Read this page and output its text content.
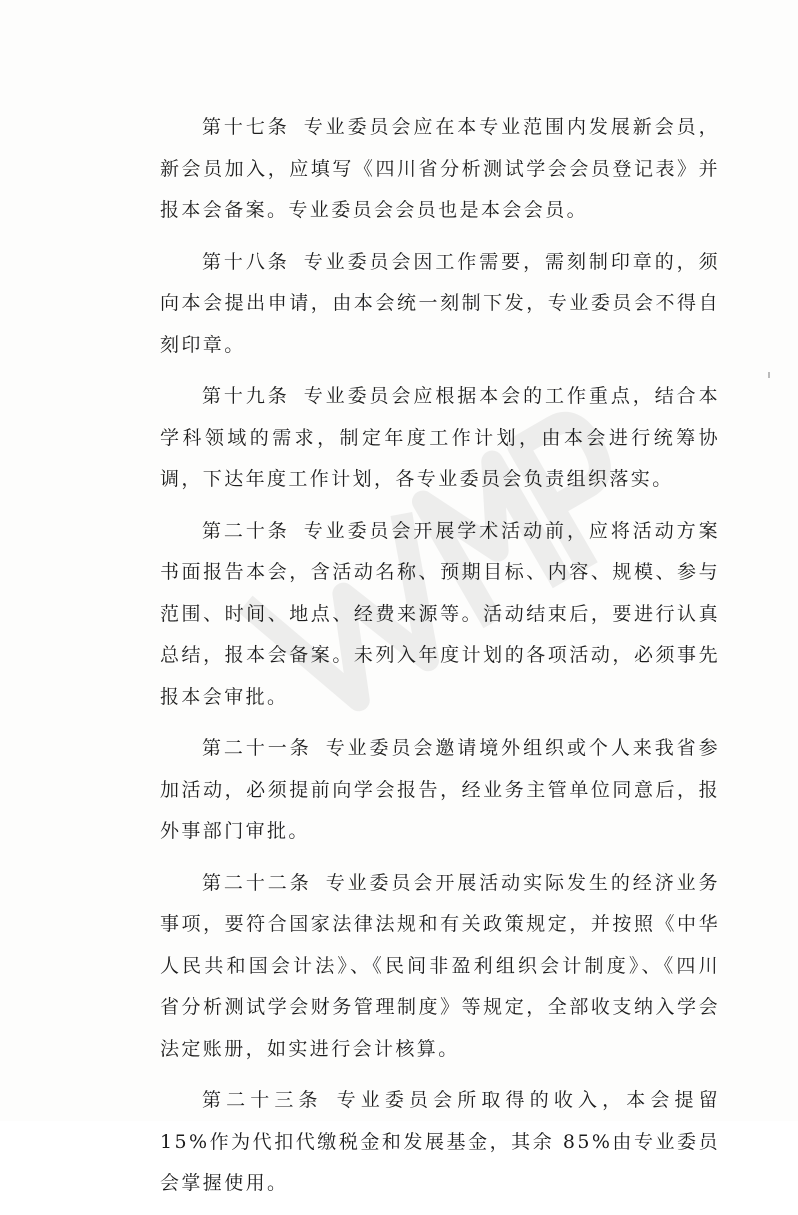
第十七条 专业委员会应在本专业范围内发展新会员，新会员加入，应填写《四川省分析测试学会会员登记表》并报本会备案。专业委员会会员也是本会会员。

第十八条 专业委员会因工作需要，需刻制印章的，须向本会提出申请，由本会统一刻制下发，专业委员会不得自刻印章。

第十九条 专业委员会应根据本会的工作重点，结合本学科领域的需求，制定年度工作计划，由本会进行统筹协调，下达年度工作计划，各专业委员会负责组织落实。

第二十条 专业委员会开展学术活动前，应将活动方案书面报告本会，含活动名称、预期目标、内容、规模、参与范围、时间、地点、经费来源等。活动结束后，要进行认真总结，报本会备案。未列入年度计划的各项活动，必须事先报本会审批。

第二十一条 专业委员会邀请境外组织或个人来我省参加活动，必须提前向学会报告，经业务主管单位同意后，报外事部门审批。

第二十二条 专业委员会开展活动实际发生的经济业务事项，要符合国家法律法规和有关政策规定，并按照《中华人民共和国会计法》、《民间非盈利组织会计制度》、《四川省分析测试学会财务管理制度》等规定，全部收支纳入学会法定账册，如实进行会计核算。

第二十三条 专业委员会所取得的收入，本会提留 15%作为代扣代缴税金和发展基金，其余 85%由专业委员会掌握使用。
